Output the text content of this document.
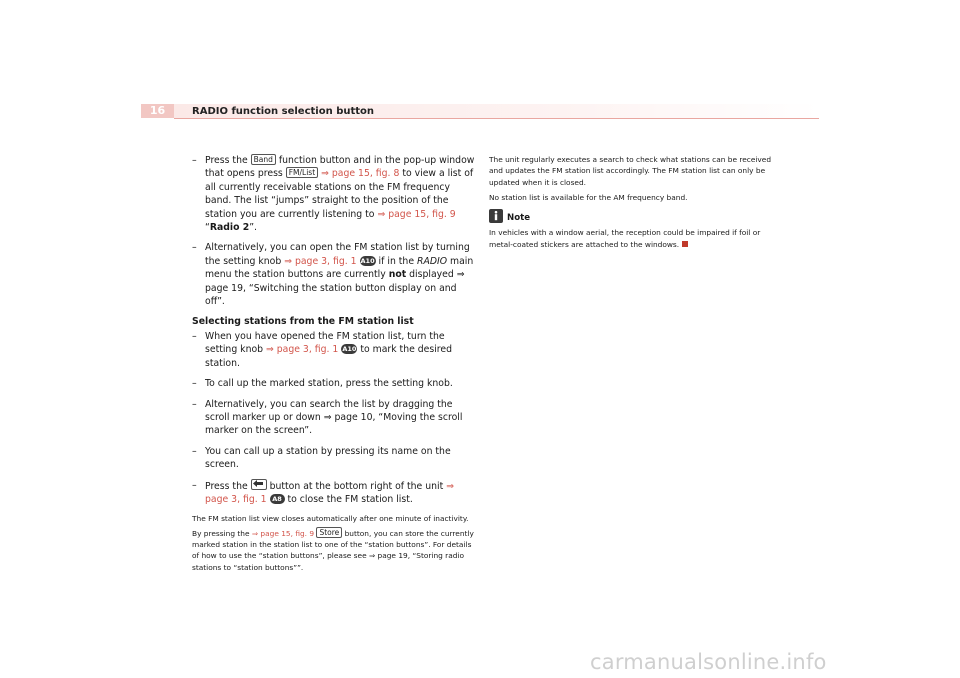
16	RADIO function selection button
– Press the Band function button and in the pop-up window that opens press FM/List ⇒ page 15, fig. 8 to view a list of all currently receivable stations on the FM frequency band. The list “jumps” straight to the position of the station you are currently listening to ⇒ page 15, fig. 9 “Radio 2”.
– Alternatively, you can open the FM station list by turning the setting knob ⇒ page 3, fig. 1 A10 if in the RADIO main menu the station buttons are currently not displayed ⇒ page 19, “Switching the station button display on and off”.
Selecting stations from the FM station list
– When you have opened the FM station list, turn the setting knob ⇒ page 3, fig. 1 A10 to mark the desired station.
– To call up the marked station, press the setting knob.
– Alternatively, you can search the list by dragging the scroll marker up or down ⇒ page 10, “Moving the scroll marker on the screen”.
– You can call up a station by pressing its name on the screen.
– Press the
button at the bottom right of the unit ⇒ page 3, fig. 1 A8 to close the FM station list.
The FM station list view closes automatically after one minute of inactivity.
By pressing the ⇒ page 15, fig. 9 Store button, you can store the currently marked station in the station list to one of the “station buttons”. For details of how to use the “station buttons”, please see ⇒ page 19, “Storing radio stations to “station buttons””.
The unit regularly executes a search to check what stations can be received and updates the FM station list accordingly. The FM station list can only be updated when it is closed.
No station list is available for the AM frequency band.
Note
In vehicles with a window aerial, the reception could be impaired if foil or metal-coated stickers are attached to the windows.
carmanualsonline.info
